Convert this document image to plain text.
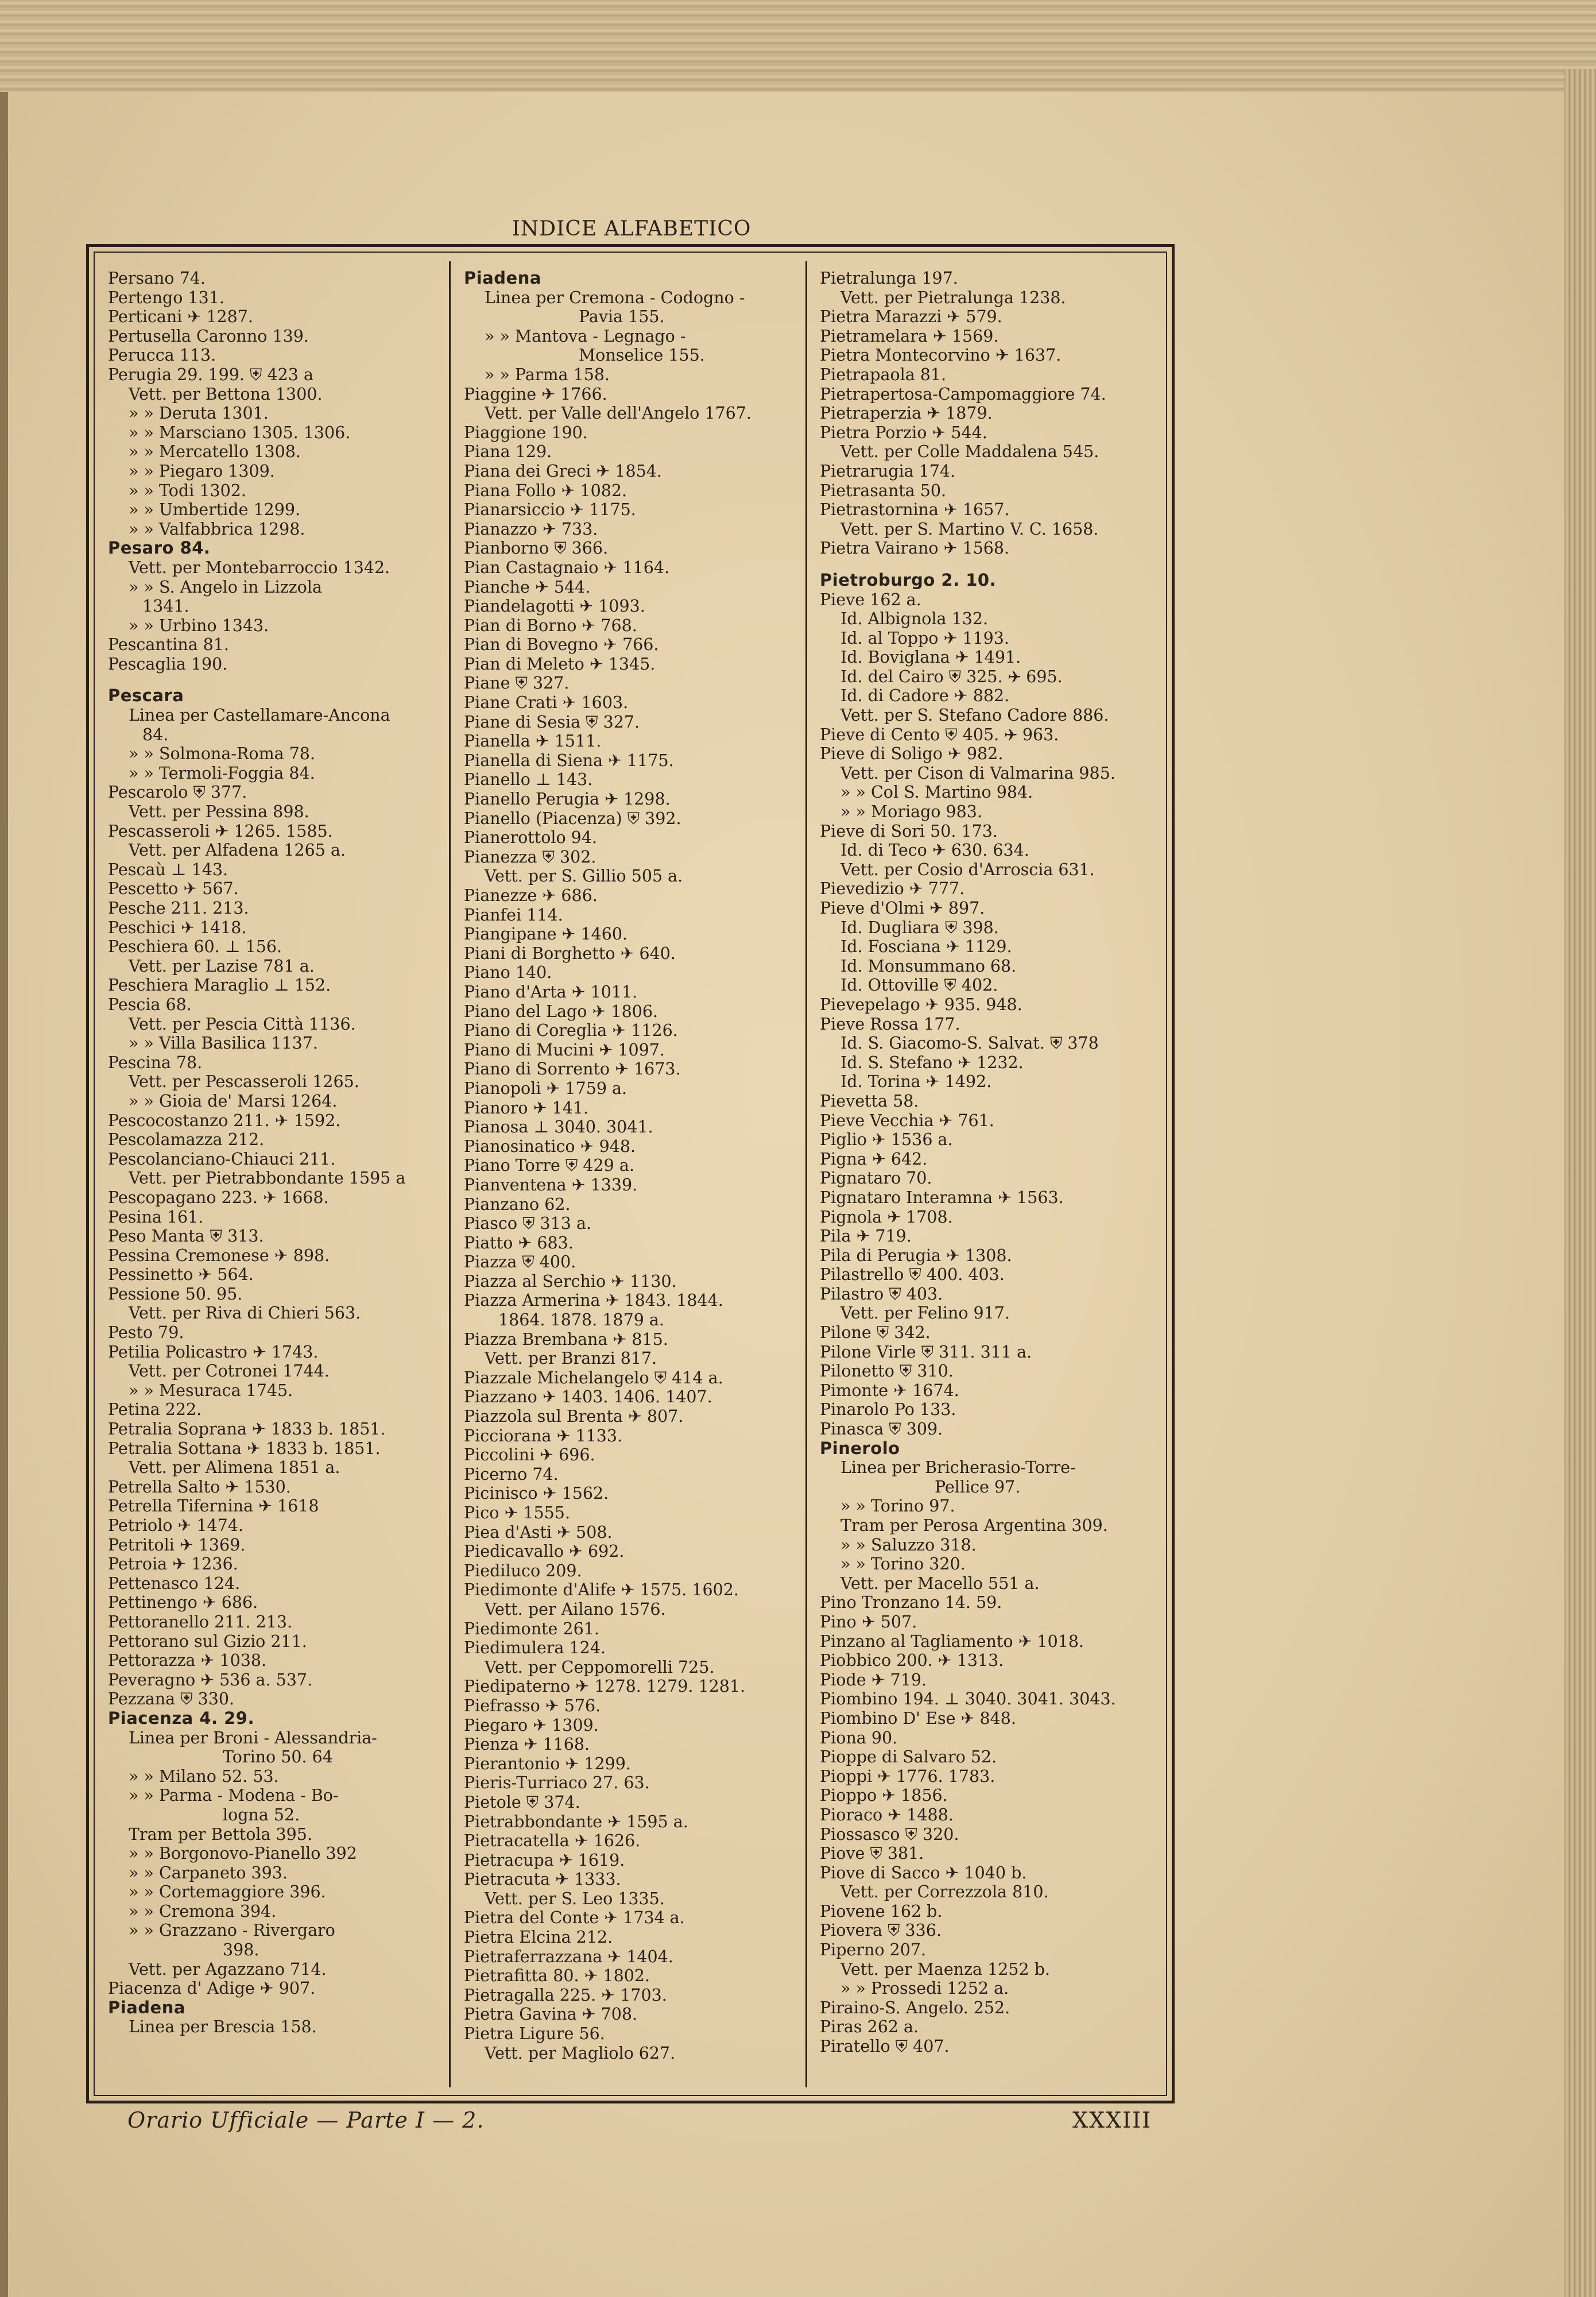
INDICE ALFABETICO
Persano 74.
Pertengo 131.
Perticani ✈ 1287.
Pertusella Caronno 139.
Perucca 113.
Perugia 29. 199. ⛨ 423 a
Vett. per Bettona 1300.
» » Deruta 1301.
» » Marsciano 1305. 1306.
» » Mercatello 1308.
» » Piegaro 1309.
» » Todi 1302.
» » Umbertide 1299.
» » Valfabbrica 1298.
Pesaro 84.
Vett. per Montebarroccio 1342.
» » S. Angelo in Lizzola
1341.
» » Urbino 1343.
Pescantina 81.
Pescaglia 190.
Pescara
Linea per Castellamare-Ancona
84.
» » Solmona-Roma 78.
» » Termoli-Foggia 84.
Pescarolo ⛨ 377.
Vett. per Pessina 898.
Pescasseroli ✈ 1265. 1585.
Vett. per Alfadena 1265 a.
Pescaù ⊥ 143.
Pescetto ✈ 567.
Pesche 211. 213.
Peschici ✈ 1418.
Peschiera 60. ⊥ 156.
Vett. per Lazise 781 a.
Peschiera Maraglio ⊥ 152.
Pescia 68.
Vett. per Pescia Città 1136.
» » Villa Basilica 1137.
Pescina 78.
Vett. per Pescasseroli 1265.
» » Gioia de' Marsi 1264.
Pescocostanzo 211. ✈ 1592.
Pescolamazza 212.
Pescolanciano-Chiauci 211.
Vett. per Pietrabbondante 1595 a
Pescopagano 223. ✈ 1668.
Pesina 161.
Peso Manta ⛨ 313.
Pessina Cremonese ✈ 898.
Pessinetto ✈ 564.
Pessione 50. 95.
Vett. per Riva di Chieri 563.
Pesto 79.
Petilia Policastro ✈ 1743.
Vett. per Cotronei 1744.
» » Mesuraca 1745.
Petina 222.
Petralia Soprana ✈ 1833 b. 1851.
Petralia Sottana ✈ 1833 b. 1851.
Vett. per Alimena 1851 a.
Petrella Salto ✈ 1530.
Petrella Tifernina ✈ 1618
Petriolo ✈ 1474.
Petritoli ✈ 1369.
Petroia ✈ 1236.
Pettenasco 124.
Pettinengo ✈ 686.
Pettoranello 211. 213.
Pettorano sul Gizio 211.
Pettorazza ✈ 1038.
Peveragno ✈ 536 a. 537.
Pezzana ⛨ 330.
Piacenza 4. 29.
Linea per Broni - Alessandria-
Torino 50. 64
» » Milano 52. 53.
» » Parma - Modena - Bo-
logna 52.
Tram per Bettola 395.
» » Borgonovo-Pianello 392
» » Carpaneto 393.
» » Cortemaggiore 396.
» » Cremona 394.
» » Grazzano - Rivergaro
398.
Vett. per Agazzano 714.
Piacenza d' Adige ✈ 907.
Piadena
Linea per Brescia 158.
Piadena
Linea per Cremona - Codogno -
Pavia 155.
» » Mantova - Legnago -
Monselice 155.
» » Parma 158.
Piaggine ✈ 1766.
Vett. per Valle dell'Angelo 1767.
Piaggione 190.
Piana 129.
Piana dei Greci ✈ 1854.
Piana Follo ✈ 1082.
Pianarsiccio ✈ 1175.
Pianazzo ✈ 733.
Pianborno ⛨ 366.
Pian Castagnaio ✈ 1164.
Pianche ✈ 544.
Piandelagotti ✈ 1093.
Pian di Borno ✈ 768.
Pian di Bovegno ✈ 766.
Pian di Meleto ✈ 1345.
Piane ⛨ 327.
Piane Crati ✈ 1603.
Piane di Sesia ⛨ 327.
Pianella ✈ 1511.
Pianella di Siena ✈ 1175.
Pianello ⊥ 143.
Pianello Perugia ✈ 1298.
Pianello (Piacenza) ⛨ 392.
Pianerottolo 94.
Pianezza ⛨ 302.
Vett. per S. Gillio 505 a.
Pianezze ✈ 686.
Pianfei 114.
Piangipane ✈ 1460.
Piani di Borghetto ✈ 640.
Piano 140.
Piano d'Arta ✈ 1011.
Piano del Lago ✈ 1806.
Piano di Coreglia ✈ 1126.
Piano di Mucini ✈ 1097.
Piano di Sorrento ✈ 1673.
Pianopoli ✈ 1759 a.
Pianoro ✈ 141.
Pianosa ⊥ 3040. 3041.
Pianosinatico ✈ 948.
Piano Torre ⛨ 429 a.
Pianventena ✈ 1339.
Pianzano 62.
Piasco ⛨ 313 a.
Piatto ✈ 683.
Piazza ⛨ 400.
Piazza al Serchio ✈ 1130.
Piazza Armerina ✈ 1843. 1844.
1864. 1878. 1879 a.
Piazza Brembana ✈ 815.
Vett. per Branzi 817.
Piazzale Michelangelo ⛨ 414 a.
Piazzano ✈ 1403. 1406. 1407.
Piazzola sul Brenta ✈ 807.
Picciorana ✈ 1133.
Piccolini ✈ 696.
Picerno 74.
Picinisco ✈ 1562.
Pico ✈ 1555.
Piea d'Asti ✈ 508.
Piedicavallo ✈ 692.
Piediluco 209.
Piedimonte d'Alife ✈ 1575. 1602.
Vett. per Ailano 1576.
Piedimonte 261.
Piedimulera 124.
Vett. per Ceppomorelli 725.
Piedipaterno ✈ 1278. 1279. 1281.
Piefrasso ✈ 576.
Piegaro ✈ 1309.
Pienza ✈ 1168.
Pierantonio ✈ 1299.
Pieris-Turriaco 27. 63.
Pietole ⛨ 374.
Pietrabbondante ✈ 1595 a.
Pietracatella ✈ 1626.
Pietracupa ✈ 1619.
Pietracuta ✈ 1333.
Vett. per S. Leo 1335.
Pietra del Conte ✈ 1734 a.
Pietra Elcina 212.
Pietraferrazzana ✈ 1404.
Pietrafitta 80. ✈ 1802.
Pietragalla 225. ✈ 1703.
Pietra Gavina ✈ 708.
Pietra Ligure 56.
Vett. per Magliolo 627.
Pietralunga 197.
Vett. per Pietralunga 1238.
Pietra Marazzi ✈ 579.
Pietramelara ✈ 1569.
Pietra Montecorvino ✈ 1637.
Pietrapaola 81.
Pietrapertosa-Campomaggiore 74.
Pietraperzia ✈ 1879.
Pietra Porzio ✈ 544.
Vett. per Colle Maddalena 545.
Pietrarugia 174.
Pietrasanta 50.
Pietrastornina ✈ 1657.
Vett. per S. Martino V. C. 1658.
Pietra Vairano ✈ 1568.
Pietroburgo 2. 10.
Pieve 162 a.
Id. Albignola 132.
Id. al Toppo ✈ 1193.
Id. Boviglana ✈ 1491.
Id. del Cairo ⛨ 325. ✈ 695.
Id. di Cadore ✈ 882.
Vett. per S. Stefano Cadore 886.
Pieve di Cento ⛨ 405. ✈ 963.
Pieve di Soligo ✈ 982.
Vett. per Cison di Valmarina 985.
» » Col S. Martino 984.
» » Moriago 983.
Pieve di Sori 50. 173.
Id. di Teco ✈ 630. 634.
Vett. per Cosio d'Arroscia 631.
Pievedizio ✈ 777.
Pieve d'Olmi ✈ 897.
Id. Dugliara ⛨ 398.
Id. Fosciana ✈ 1129.
Id. Monsummano 68.
Id. Ottoville ⛨ 402.
Pievepelago ✈ 935. 948.
Pieve Rossa 177.
Id. S. Giacomo-S. Salvat. ⛨ 378
Id. S. Stefano ✈ 1232.
Id. Torina ✈ 1492.
Pievetta 58.
Pieve Vecchia ✈ 761.
Piglio ✈ 1536 a.
Pigna ✈ 642.
Pignataro 70.
Pignataro Interamna ✈ 1563.
Pignola ✈ 1708.
Pila ✈ 719.
Pila di Perugia ✈ 1308.
Pilastrello ⛨ 400. 403.
Pilastro ⛨ 403.
Vett. per Felino 917.
Pilone ⛨ 342.
Pilone Virle ⛨ 311. 311 a.
Pilonetto ⛨ 310.
Pimonte ✈ 1674.
Pinarolo Po 133.
Pinasca ⛨ 309.
Pinerolo
Linea per Bricherasio-Torre-
Pellice 97.
» » Torino 97.
Tram per Perosa Argentina 309.
» » Saluzzo 318.
» » Torino 320.
Vett. per Macello 551 a.
Pino Tronzano 14. 59.
Pino ✈ 507.
Pinzano al Tagliamento ✈ 1018.
Piobbico 200. ✈ 1313.
Piode ✈ 719.
Piombino 194. ⊥ 3040. 3041. 3043.
Piombino D' Ese ✈ 848.
Piona 90.
Pioppe di Salvaro 52.
Pioppi ✈ 1776. 1783.
Pioppo ✈ 1856.
Pioraco ✈ 1488.
Piossasco ⛨ 320.
Piove ⛨ 381.
Piove di Sacco ✈ 1040 b.
Vett. per Correzzola 810.
Piovene 162 b.
Piovera ⛨ 336.
Piperno 207.
Vett. per Maenza 1252 b.
» » Prossedi 1252 a.
Piraino-S. Angelo. 252.
Piras 262 a.
Piratello ⛨ 407.
Orario Ufficiale — Parte I — 2.	XXXIII
